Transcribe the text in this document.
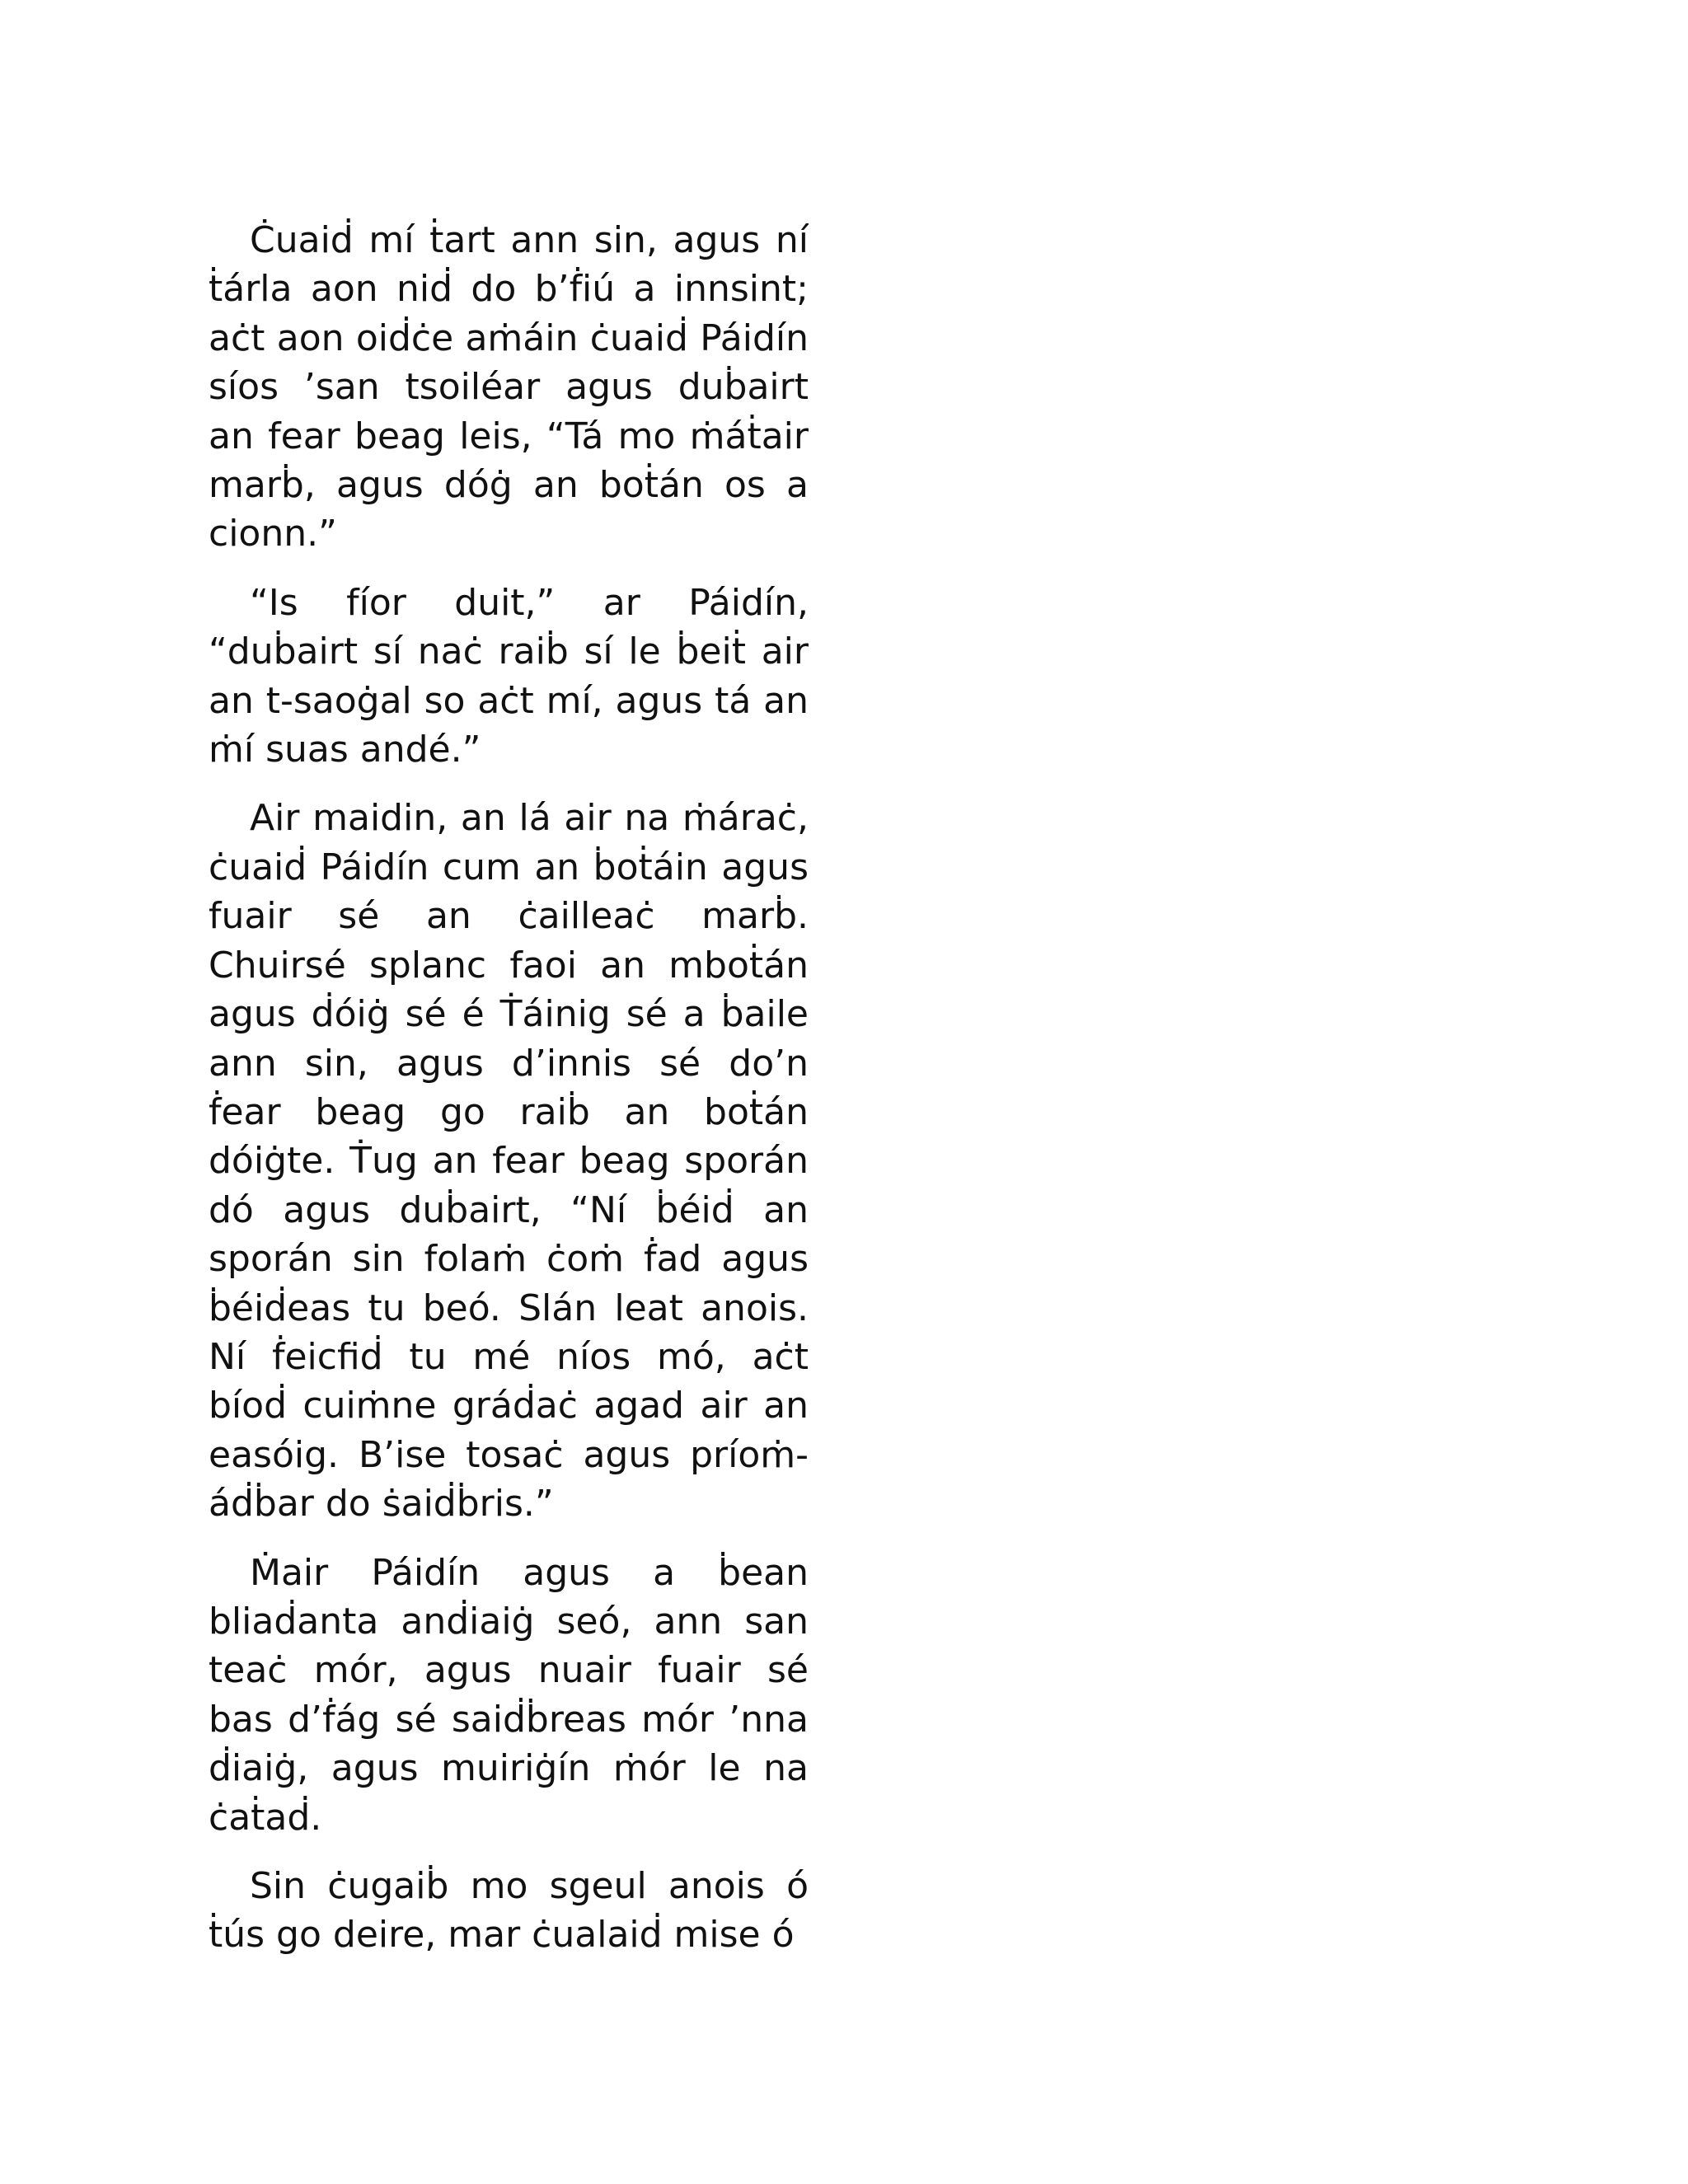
Ċuaiḋ mí ṫart ann sin, agus ní ṫárla aon niḋ do b’ḟiú a innsint; aċt aon oiḋċe aṁáin ċuaiḋ Páidín síos ’san tsoiléar agus duḃairt an fear beag leis, “Tá mo ṁáṫair marḃ, agus dóġ an boṫán os a cionn.”

“Is fíor duit,” ar Páidín, “duḃairt sí naċ raiḃ sí le ḃeiṫ air an t-saoġal so aċt mí, agus tá an ṁí suas andé.”

Air maidin, an lá air na ṁáraċ, ċuaiḋ Páidín cum an ḃoṫáin agus fuair sé an ċailleaċ marḃ. Chuirsé splanc faoi an mboṫán agus ḋóiġ sé é Ṫáinig sé a ḃaile ann sin, agus d’innis sé do’n ḟear beag go raiḃ an boṫán dóiġte. Ṫug an fear beag sporán dó agus duḃairt, “Ní ḃéiḋ an sporán sin folaṁ ċoṁ ḟad agus ḃéiḋeas tu beó. Slán leat anois. Ní ḟeicfiḋ tu mé níos mó, aċt bíoḋ cuiṁne gráḋaċ agad air an easóig. B’ise tosaċ agus príoṁ-áḋḃar do ṡaiḋḃris.”

Ṁair Páidín agus a ḃean bliaḋanta anḋiaiġ seó, ann san teaċ mór, agus nuair fuair sé bas d’ḟág sé saiḋḃreas mór ’nna ḋiaiġ, agus muiriġín ṁór le na ċaṫaḋ.

Sin ċugaiḃ mo sgeul anois ó ṫús go deire, mar ċualaiḋ mise ó
